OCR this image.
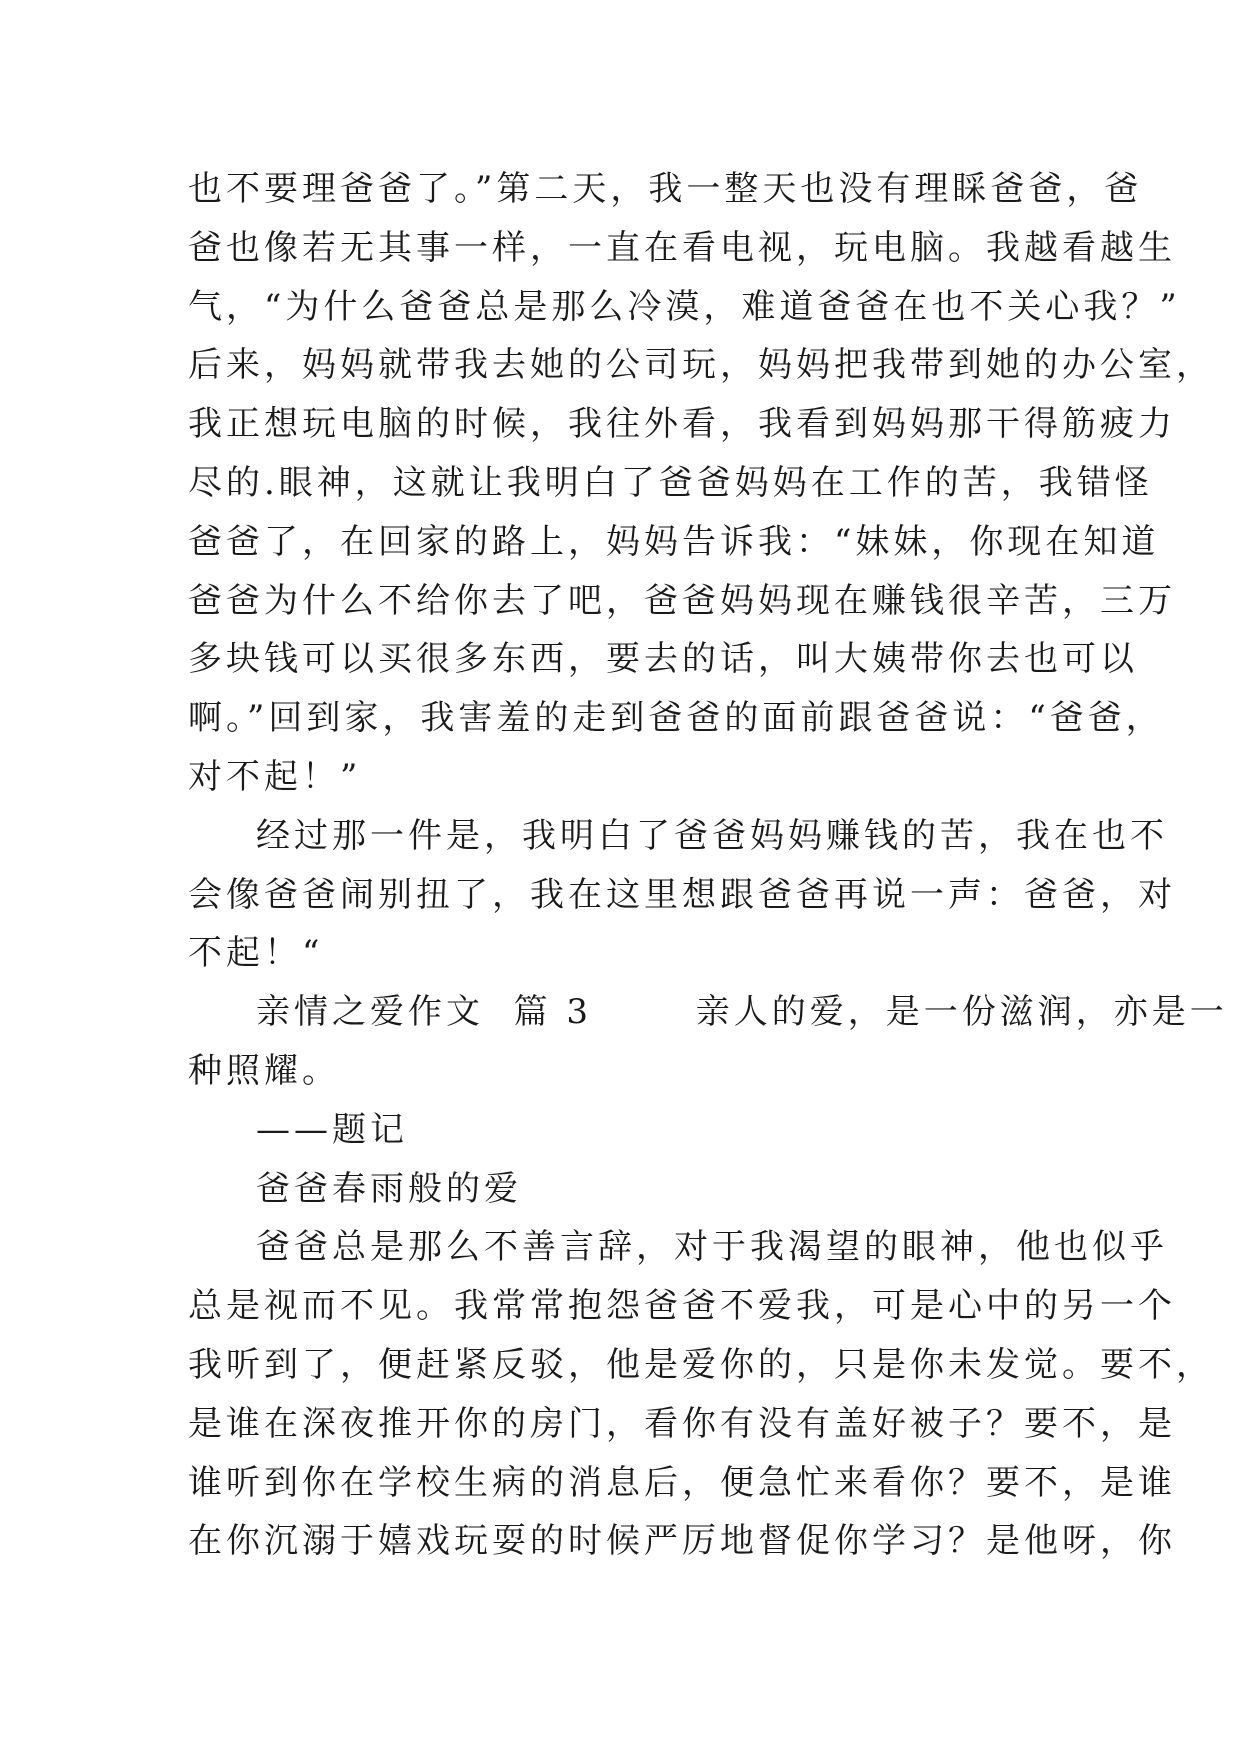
也不要理爸爸了。”第二天，我一整天也没有理睬爸爸，爸
爸也像若无其事一样，一直在看电视，玩电脑。我越看越生
气，“为什么爸爸总是那么冷漠，难道爸爸在也不关心我？”
后来，妈妈就带我去她的公司玩，妈妈把我带到她的办公室，
我正想玩电脑的时候，我往外看，我看到妈妈那干得筋疲力
尽的.眼神，这就让我明白了爸爸妈妈在工作的苦，我错怪
爸爸了，在回家的路上，妈妈告诉我：“妹妹，你现在知道
爸爸为什么不给你去了吧，爸爸妈妈现在赚钱很辛苦，三万
多块钱可以买很多东西，要去的话，叫大姨带你去也可以
啊。”回到家，我害羞的走到爸爸的面前跟爸爸说：“爸爸，
对不起！”
经过那一件是，我明白了爸爸妈妈赚钱的苦，我在也不
会像爸爸闹别扭了，我在这里想跟爸爸再说一声：爸爸，对
不起！“
亲情之爱作文  篇 3       亲人的爱，是一份滋润，亦是一
种照耀。
——题记
爸爸春雨般的爱
爸爸总是那么不善言辞，对于我渴望的眼神，他也似乎
总是视而不见。我常常抱怨爸爸不爱我，可是心中的另一个
我听到了，便赶紧反驳，他是爱你的，只是你未发觉。要不，
是谁在深夜推开你的房门，看你有没有盖好被子？要不，是
谁听到你在学校生病的消息后，便急忙来看你？要不，是谁
在你沉溺于嬉戏玩耍的时候严厉地督促你学习？是他呀，你
